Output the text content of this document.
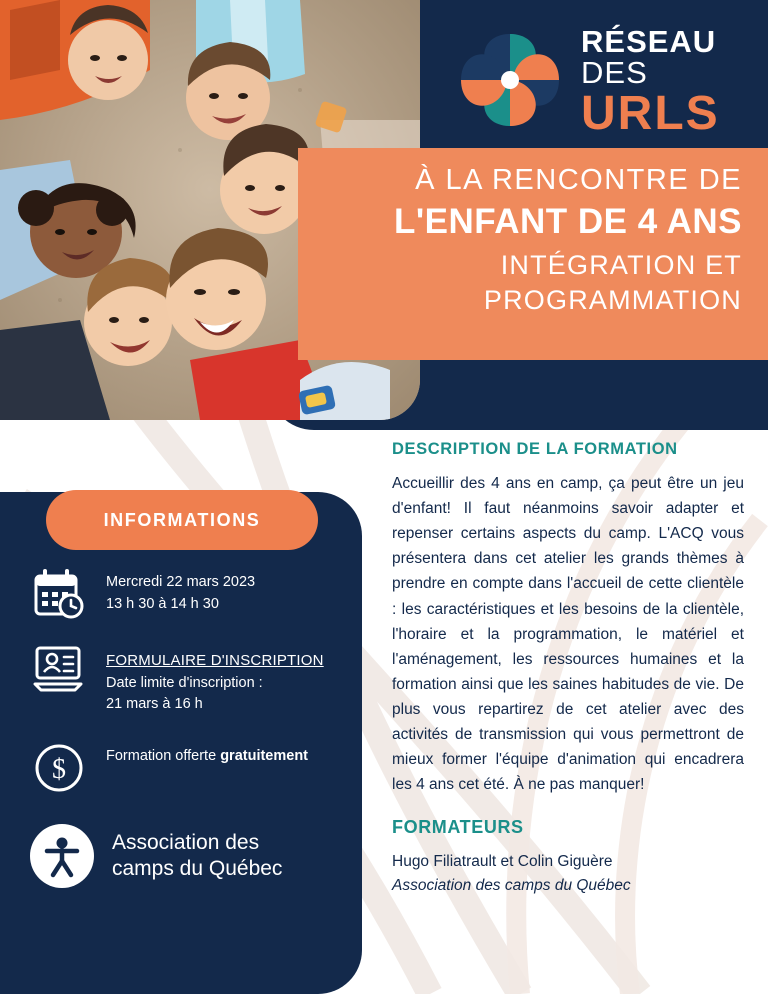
RÉSEAU DES
URLS
À LA RENCONTRE DE
L'ENFANT DE 4 ANS
INTÉGRATION ET
PROGRAMMATION
INFORMATIONS
Mercredi 22 mars 2023
13 h 30 à 14 h 30
FORMULAIRE D'INSCRIPTION
Date limite d'inscription :
21 mars à 16 h
$	Formation offerte gratuitement
Association des
camps du Québec
DESCRIPTION DE LA FORMATION
Accueillir des 4 ans en camp, ça peut être un jeu d'enfant! Il faut néanmoins savoir adapter et repenser certains aspects du camp. L'ACQ vous présentera dans cet atelier les grands thèmes à prendre en compte dans l'accueil de cette clientèle : les caractéristiques et les besoins de la clientèle, l'horaire et la programmation, le matériel et l'aménagement, les ressources humaines et la formation ainsi que les saines habitudes de vie. De plus vous repartirez de cet atelier avec des activités de transmission qui vous permettront de mieux former l'équipe d'animation qui encadrera les 4 ans cet été. À ne pas manquer!
FORMATEURS
Hugo Filiatrault et Colin Giguère
Association des camps du Québec
